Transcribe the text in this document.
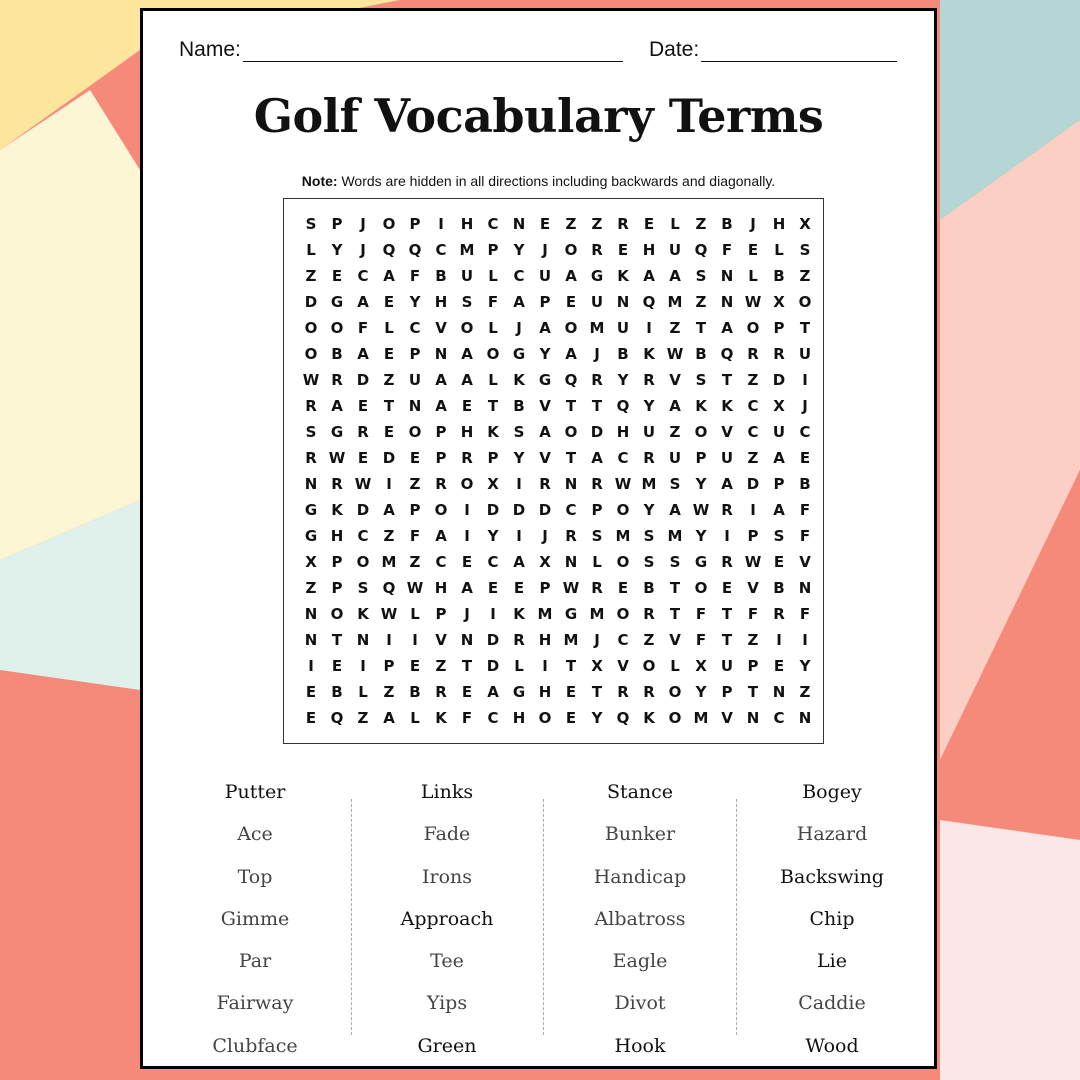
Name:	Date:
Golf Vocabulary Terms
Note: Words are hidden in all directions including backwards and diagonally.
S	P	J	O P	I	H C N E	Z	Z R	E	L	Z B	J	H X
L	Y	J	Q Q C M P	Y	J	O R	E H U Q F	E	L	S
Z	E	C A	F	B U	L	C U A G K A A S N L	B Z
D G A	E	Y H S	F	A P	E U N Q M Z N W X O
O O F	L	C V O L	J	A O M U	I	Z	T	A O P	T
O B A	E	P N A O G Y A	J	B K W B Q R R U
W R D Z U A A	L	K G Q R Y R V S	T	Z D	I
R A	E	T N A	E	T	B V	T	T Q Y A K K C X	J
S G R	E O P H K S A O D H U Z O V C U C
R W E D E	P R P	Y V	T	A C R U P U Z A	E
N R W I	Z R O X	I	R N R W M S	Y A D P B
G K D A P O	I	D D D C	P O Y A W R	I	A	F
G H C	Z	F	A	I	Y	I	J	R S M S M Y	I	P	S	F
X P O M Z	C	E	C A X N L O S	S G R W E	V
Z	P	S Q W H A	E	E	P W R	E	B	T O E	V B N
N O K W L	P	J	I	K M G M O R	T	F	T	F	R	F
N T N	I	I	V N D R H M	J	C	Z V	F	T	Z	I	I
I	E	I	P	E	Z	T D	L	I	T	X V O L	X U P	E	Y
E	B	L	Z B R	E	A G H E	T	R R O Y	P	T N Z
E Q Z A	L	K	F	C H O E	Y Q K O M V N C N
Putter
Ace
Top
Gimme
Par
Fairway
Clubface
Links
Fade
Irons
Approach
Tee
Yips
Green
Stance
Bunker
Handicap
Albatross
Eagle
Divot
Hook
Bogey
Hazard
Backswing
Chip
Lie
Caddie
Wood
